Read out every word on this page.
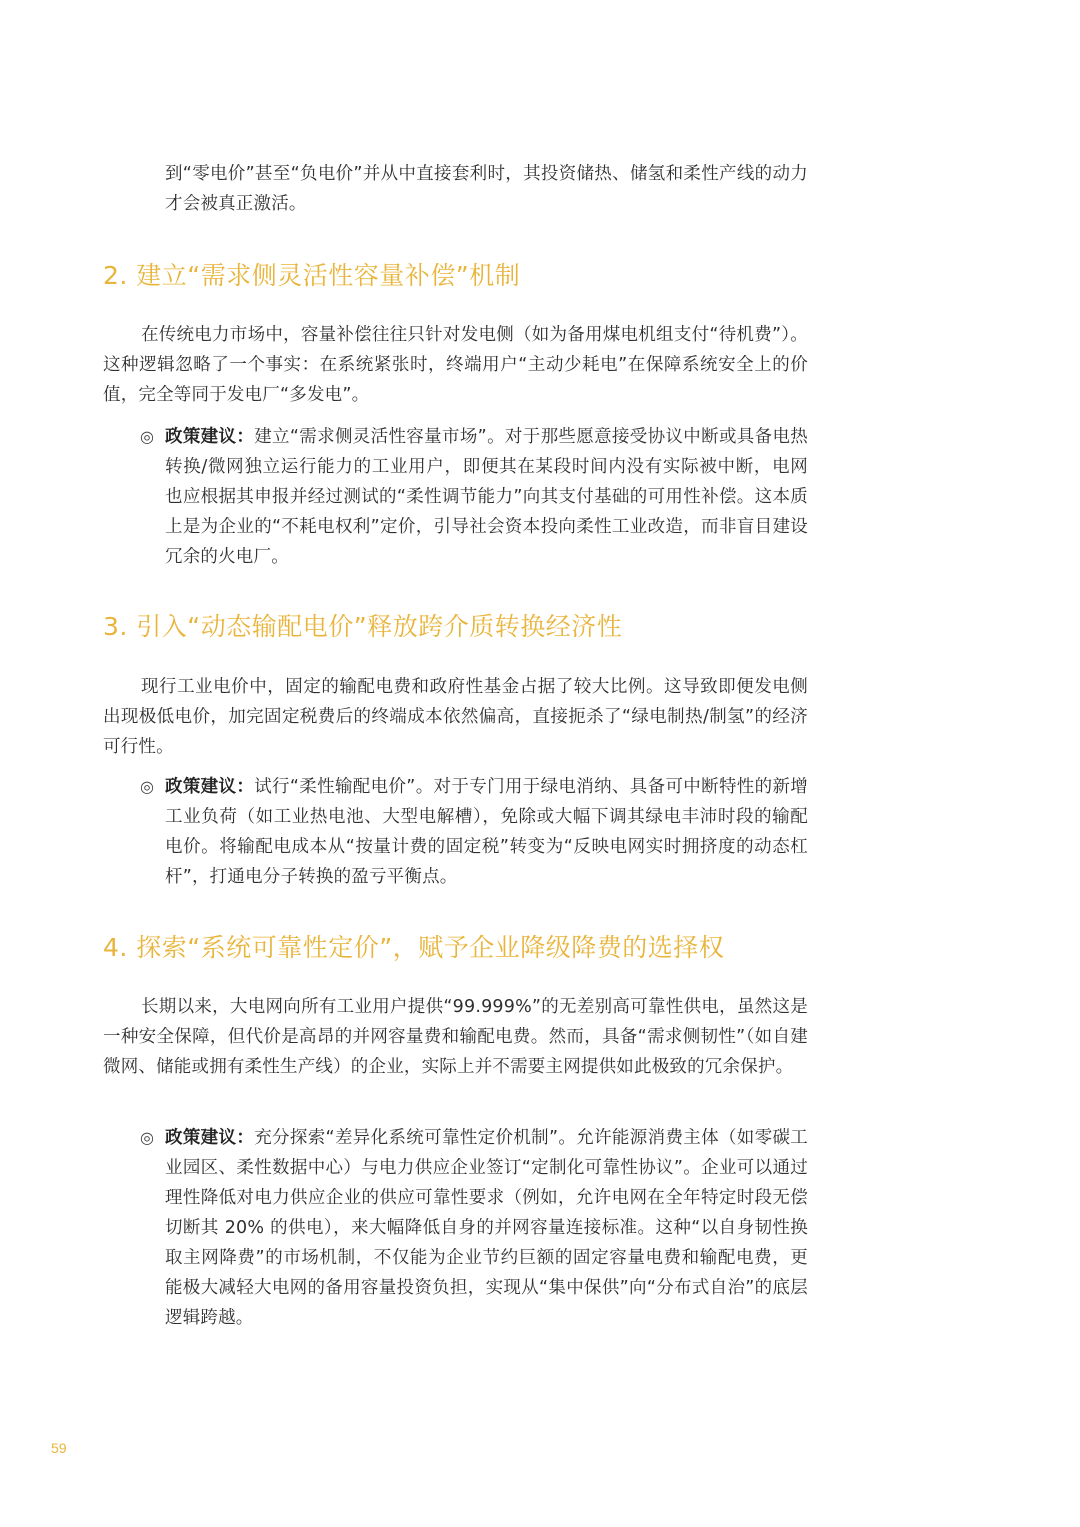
到“零电价”甚至“负电价”并从中直接套利时，其投资储热、储氢和柔性产线的动力才会被真正激活。

2. 建立“需求侧灵活性容量补偿”机制

在传统电力市场中，容量补偿往往只针对发电侧（如为备用煤电机组支付“待机费”）。这种逻辑忽略了一个事实：在系统紧张时，终端用户“主动少耗电”在保障系统安全上的价值，完全等同于发电厂“多发电”。

◎ 政策建议：建立“需求侧灵活性容量市场”。对于那些愿意接受协议中断或具备电热转换/微网独立运行能力的工业用户，即便其在某段时间内没有实际被中断，电网也应根据其申报并经过测试的“柔性调节能力”向其支付基础的可用性补偿。这本质上是为企业的“不耗电权利”定价，引导社会资本投向柔性工业改造，而非盲目建设冗余的火电厂。
3. 引入“动态输配电价”释放跨介质转换经济性

现行工业电价中，固定的输配电费和政府性基金占据了较大比例。这导致即便发电侧出现极低电价，加完固定税费后的终端成本依然偏高，直接扼杀了“绿电制热/制氢”的经济可行性。

◎ 政策建议：试行“柔性输配电价”。对于专门用于绿电消纳、具备可中断特性的新增工业负荷（如工业热电池、大型电解槽），免除或大幅下调其绿电丰沛时段的输配电价。将输配电成本从“按量计费的固定税”转变为“反映电网实时拥挤度的动态杠杆”，打通电分子转换的盈亏平衡点。
4. 探索“系统可靠性定价”，赋予企业降级降费的选择权

长期以来，大电网向所有工业用户提供“99.999%”的无差别高可靠性供电，虽然这是一种安全保障，但代价是高昂的并网容量费和输配电费。然而，具备“需求侧韧性”（如自建微网、储能或拥有柔性生产线）的企业，实际上并不需要主网提供如此极致的冗余保护。

◎ 政策建议：充分探索“差异化系统可靠性定价机制”。允许能源消费主体（如零碳工业园区、柔性数据中心）与电力供应企业签订“定制化可靠性协议”。企业可以通过理性降低对电力供应企业的供应可靠性要求（例如，允许电网在全年特定时段无偿切断其 20% 的供电），来大幅降低自身的并网容量连接标准。这种“以自身韧性换取主网降费”的市场机制，不仅能为企业节约巨额的固定容量电费和输配电费，更能极大减轻大电网的备用容量投资负担，实现从“集中保供”向“分布式自治”的底层逻辑跨越。
59
